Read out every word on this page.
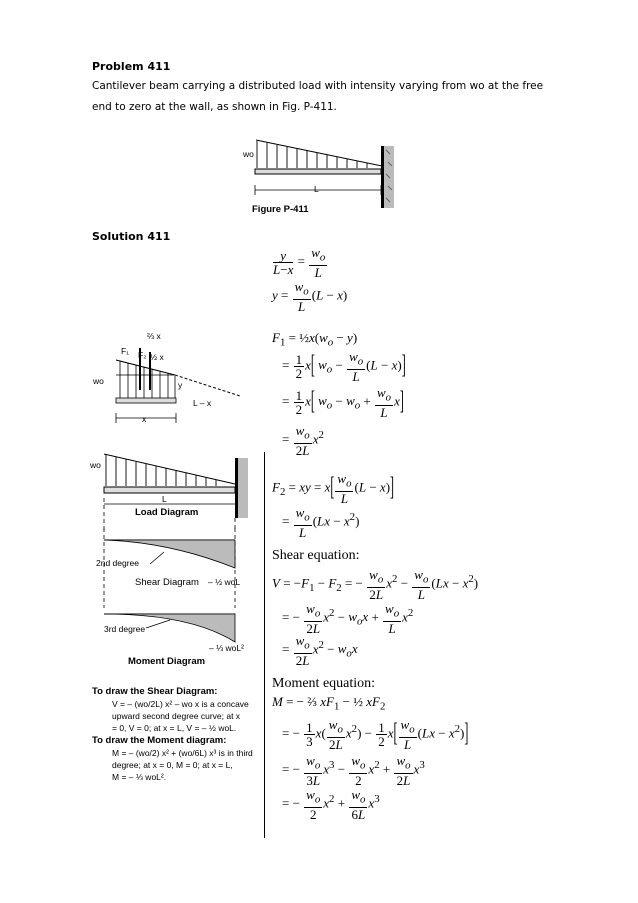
Problem 411
Cantilever beam carrying a distributed load with intensity varying from wo at the free
end to zero at the wall, as shown in Fig. P-411.
wo
L
Figure P-411
Solution 411
$\frac{y}{L-x} = \frac{w_o}{L}$
$y = \frac{w_o}{L} (L - x)$
⅔ x
F₁ F₂ ½ x
wo	y
L – x
x
$F_1$ = $\frac{1}{2}x(w_o - y)$
= $\frac{1}{2} x$[ $w_o - \frac{w_o}{L} (L - x)$]
= $\frac{1}{2} x$[ $w_o - w_o + \frac{w_o}{L} x$]
= $\frac{w_o}{2L} x^2$
wo
L
Load Diagram
2nd degree
Shear Diagram – ½ woL
3rd degree
– ⅓ woL²
Moment Diagram
To draw the Shear Diagram:
V = – (wo/2L) x² – wo x is a concave
upward second degree curve; at x
= 0, V = 0; at x = L, V = – ½ woL.
To draw the Moment diagram:
M = – (wo/2) x² + (wo/6L) x³ is in third
degree; at x = 0, M = 0; at x = L,
M = – ⅓ woL².
$F_2$ = xy = $x[ \frac{w_o}{L} (L - x)]$
= $\frac{w_o}{L} (Lx - x^2)$
Shear equation:
$V = -F_1 - F_2$ = − $\frac{w_o}{2L} x^2 - \frac{w_o}{L} (Lx - x^2)$
= − $\frac{w_o}{2L} x^2 - w_ox + \frac{w_o}{L} x^2$
= $\frac{w_o}{2L} x^2 - w_ox$
Moment equation:
M = − ⅔ $xF_1$ − ½ $xF_2$
= − $\frac{1}{3} x( \frac{w_o}{2L} x^2) - \frac{1}{2} x[ \frac{w_o}{L} (Lx - x^2)]$
= − $\frac{w_o}{3L} x^3 - \frac{w_o}{2} x^2 + \frac{w_o}{2L} x^3$
= − $\frac{w_o}{2} x^2 + \frac{w_o}{6L} x^3$
